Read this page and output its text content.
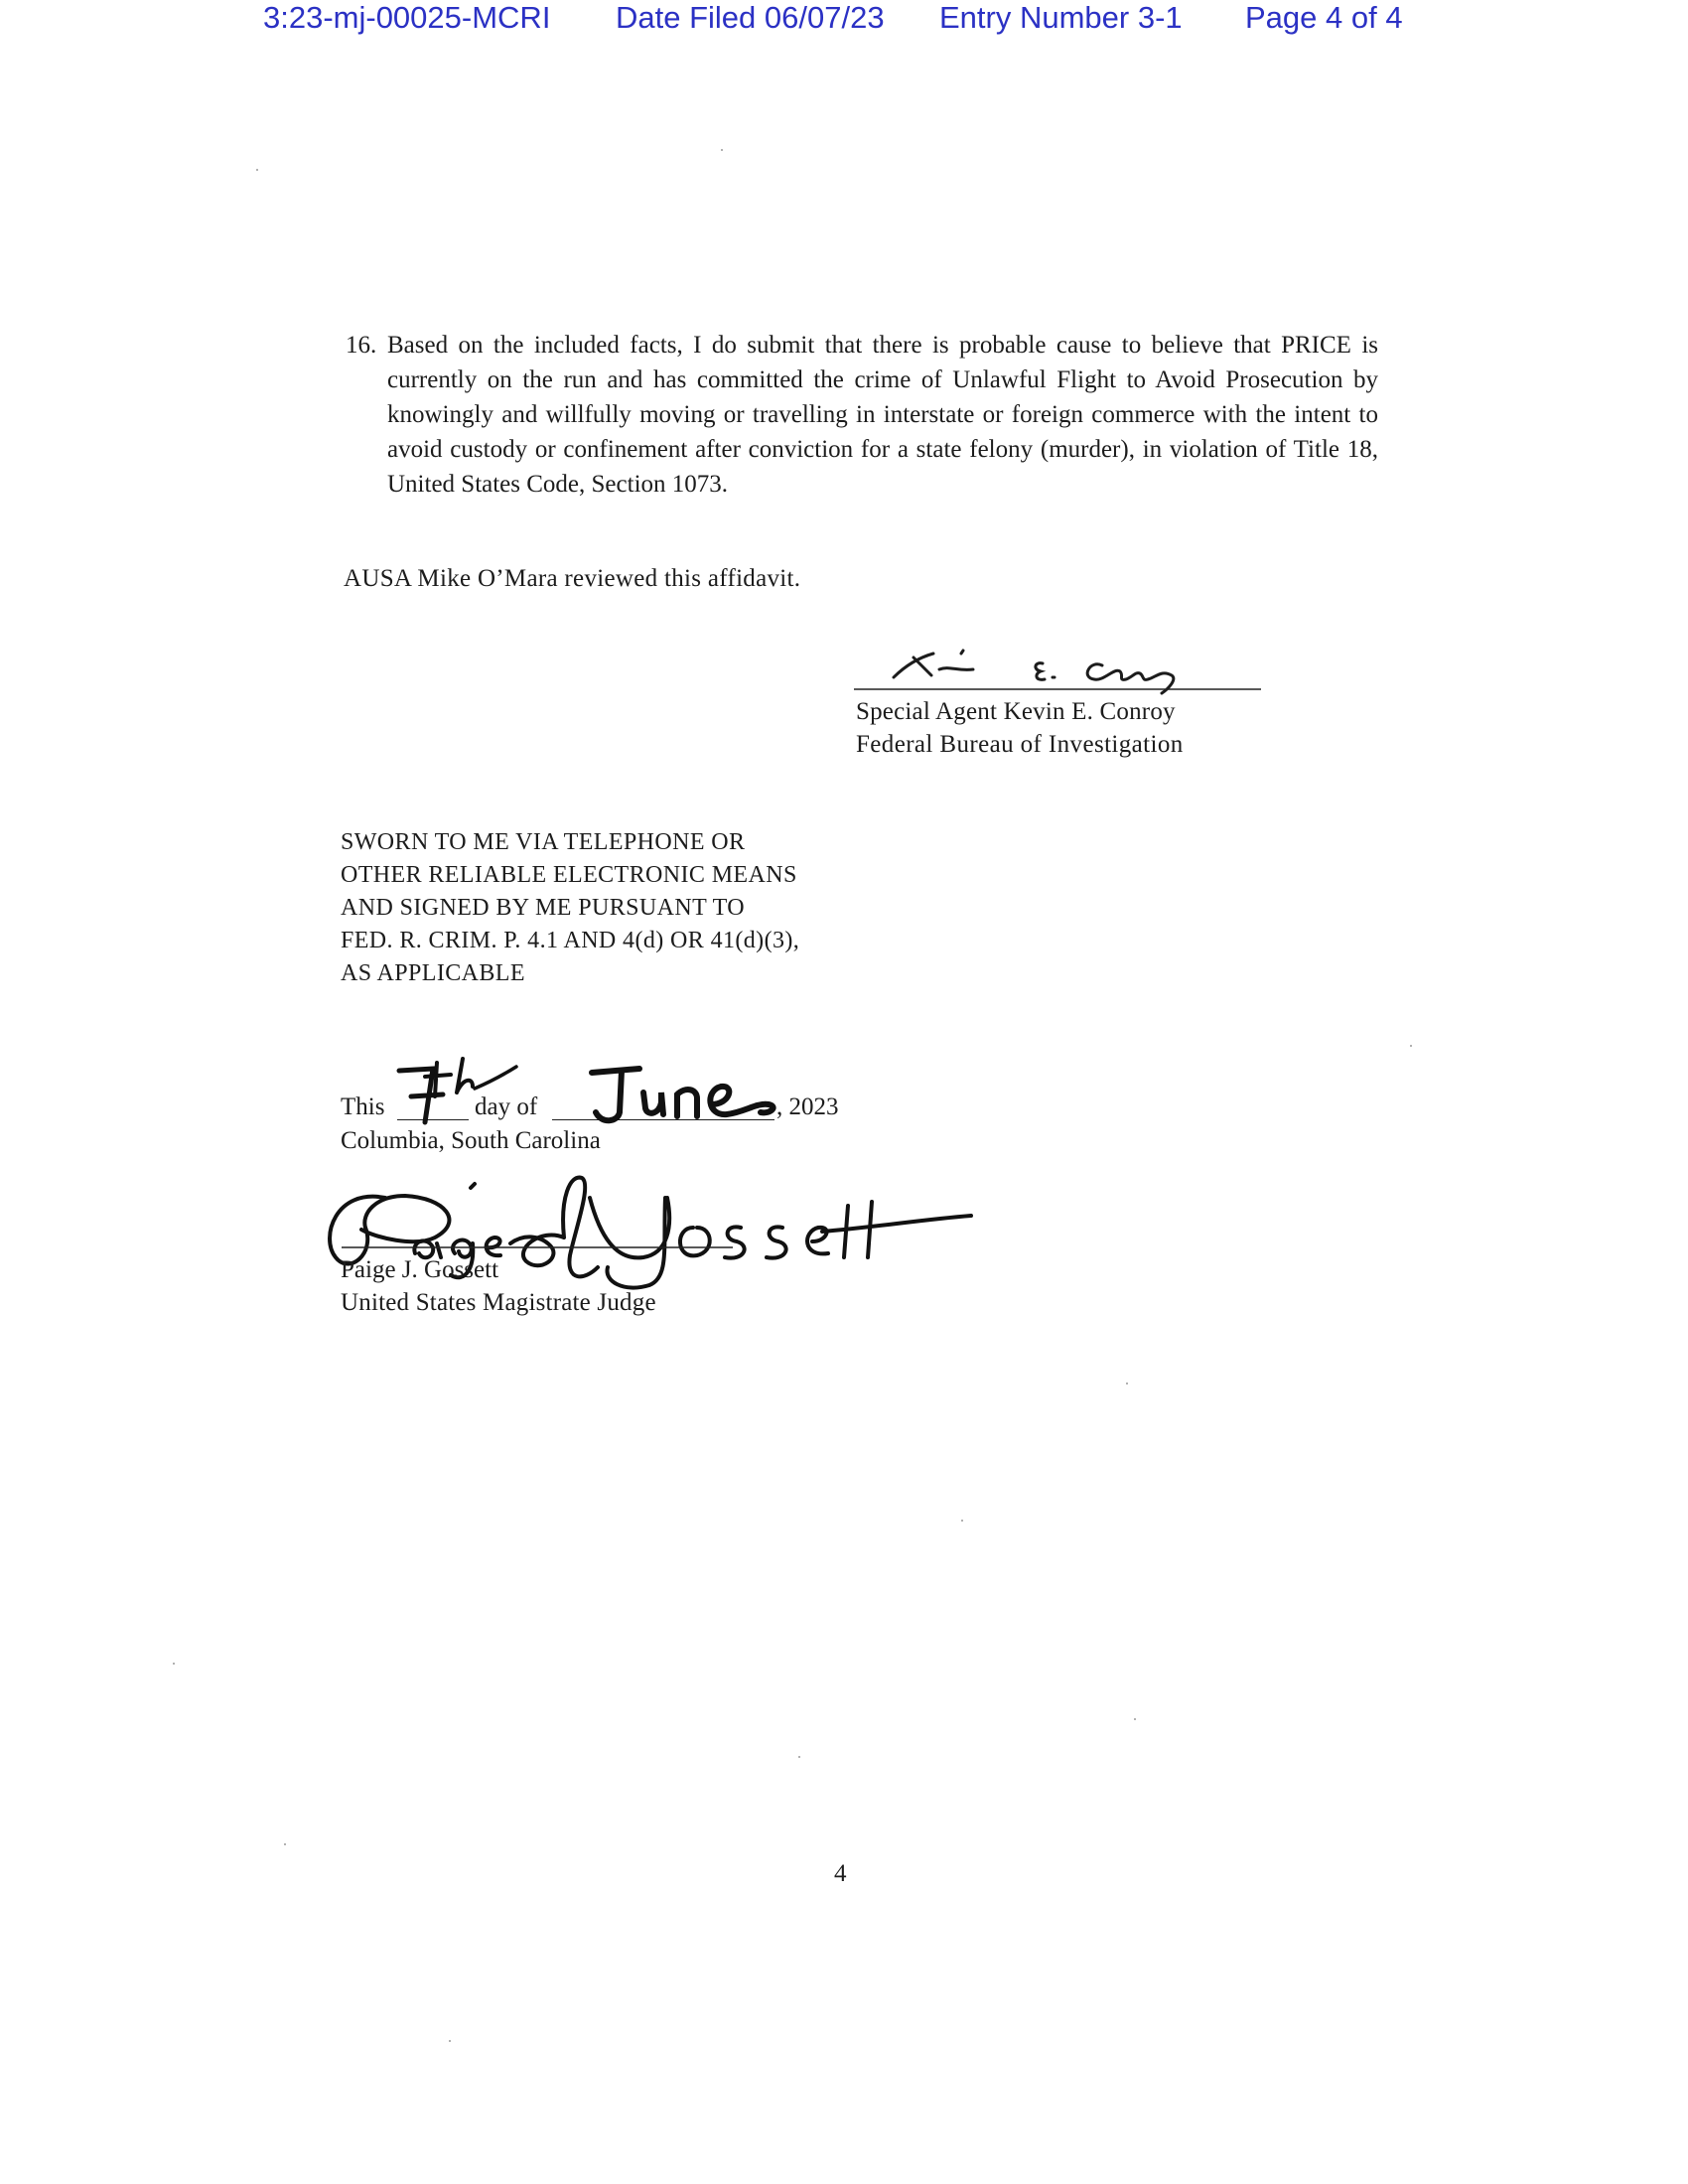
3:23-mj-00025-MCRI Date Filed 06/07/23 Entry Number 3-1 Page 4 of 4
16. Based on the included facts, I do submit that there is probable cause to believe that PRICE is currently on the run and has committed the crime of Unlawful Flight to Avoid Prosecution by knowingly and willfully moving or travelling in interstate or foreign commerce with the intent to avoid custody or confinement after conviction for a state felony (murder), in violation of Title 18, United States Code, Section 1073.
AUSA Mike O’Mara reviewed this affidavit.
Special Agent Kevin E. Conroy
Federal Bureau of Investigation
SWORN TO ME VIA TELEPHONE OR
OTHER RELIABLE ELECTRONIC MEANS
AND SIGNED BY ME PURSUANT TO
FED. R. CRIM. P. 4.1 AND 4(d) OR 41(d)(3),
AS APPLICABLE
This	day of	, 2023
Columbia, South Carolina
Paige J. Gossett
United States Magistrate Judge
4
